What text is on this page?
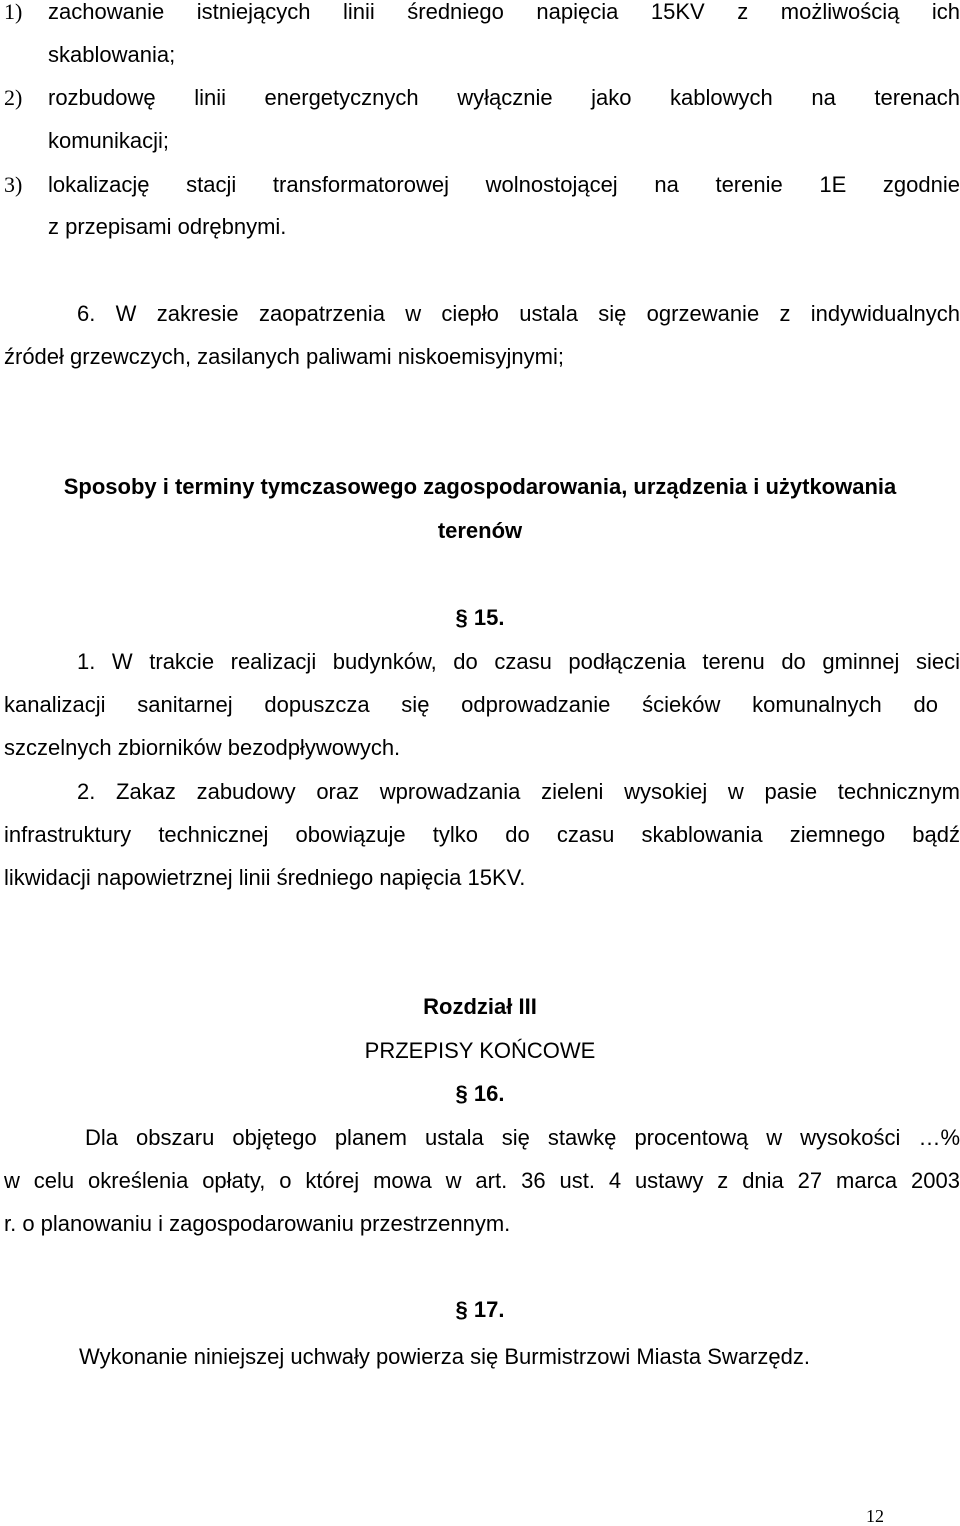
1) zachowanie istniejących linii średniego napięcia 15KV z możliwością ich
skablowania;
2) rozbudowę linii energetycznych wyłącznie jako kablowych na terenach
komunikacji;
3) lokalizację stacji transformatorowej wolnostojącej na terenie 1E zgodnie
z przepisami odrębnymi.
6. W zakresie zaopatrzenia w ciepło ustala się ogrzewanie z indywidualnych
źródeł grzewczych, zasilanych paliwami niskoemisyjnymi;
Sposoby i terminy tymczasowego zagospodarowania, urządzenia i użytkowania
terenów
§ 15.
1. W trakcie realizacji budynków, do czasu podłączenia terenu do gminnej sieci
kanalizacji sanitarnej dopuszcza się odprowadzanie ścieków komunalnych do
szczelnych zbiorników bezodpływowych.
2. Zakaz zabudowy oraz wprowadzania zieleni wysokiej w pasie technicznym
infrastruktury technicznej obowiązuje tylko do czasu skablowania ziemnego bądź
likwidacji napowietrznej linii średniego napięcia 15KV.
Rozdział III
PRZEPISY KOŃCOWE
§ 16.
Dla obszaru objętego planem ustala się stawkę procentową w wysokości …%
w celu określenia opłaty, o której mowa w art. 36 ust. 4 ustawy z dnia 27 marca 2003
r. o planowaniu i zagospodarowaniu przestrzennym.
§ 17.
Wykonanie niniejszej uchwały powierza się Burmistrzowi Miasta Swarzędz.
12
